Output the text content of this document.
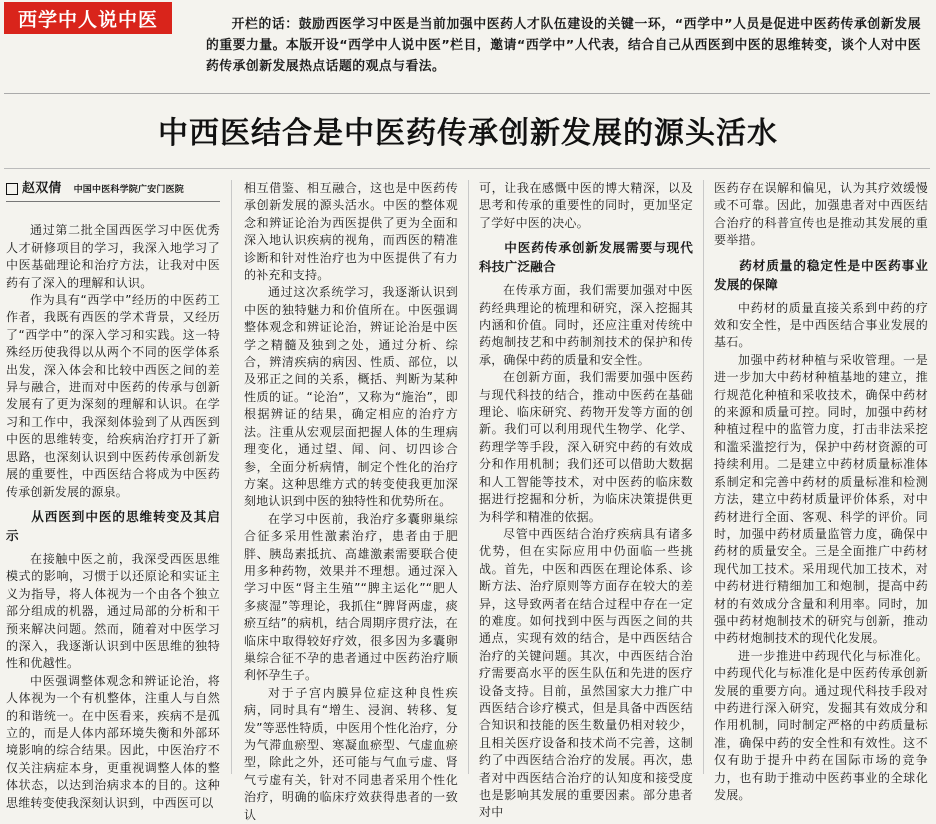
西学中人说中医	开栏的话：鼓励西医学习中医是当前加强中医药人才队伍建设的关键一环，“西学中”人员是促进中医药传承创新发展的重要力量。本版开设“西学中人说中医”栏目，邀请“西学中”人代表，结合自己从西医到中医的思维转变，谈个人对中医药传承创新发展热点话题的观点与看法。
中西医结合是中医药传承创新发展的源头活水
赵双倩 中国中医科学院广安门医院

通过第二批全国西医学习中医优秀人才研修项目的学习，我深入地学习了中医基础理论和治疗方法，让我对中医药有了深入的理解和认识。

作为具有“西学中”经历的中医药工作者，我既有西医的学术背景，又经历了“西学中”的深入学习和实践。这一特殊经历使我得以从两个不同的医学体系出发，深入体会和比较中西医之间的差异与融合，进而对中医药的传承与创新发展有了更为深刻的理解和认识。在学习和工作中，我深刻体验到了从西医到中医的思维转变，给疾病治疗打开了新思路，也深刻认识到中医药传承创新发展的重要性，中西医结合将成为中医药传承创新发展的源泉。

从西医到中医的思维转变及其启示

在接触中医之前，我深受西医思维模式的影响，习惯于以还原论和实证主义为指导，将人体视为一个由各个独立部分组成的机器，通过局部的分析和干预来解决问题。然而，随着对中医学习的深入，我逐渐认识到中医思维的独特性和优越性。

中医强调整体观念和辨证论治，将人体视为一个有机整体，注重人与自然的和谐统一。在中医看来，疾病不是孤立的，而是人体内部环境失衡和外部环境影响的综合结果。因此，中医治疗不仅关注病症本身，更重视调整人体的整体状态，以达到治病求本的目的。这种思维转变使我深刻认识到，中西医可以

相互借鉴、相互融合，这也是中医药传承创新发展的源头活水。中医的整体观念和辨证论治为西医提供了更为全面和深入地认识疾病的视角，而西医的精准诊断和针对性治疗也为中医提供了有力的补充和支持。

通过这次系统学习，我逐渐认识到中医的独特魅力和价值所在。中医强调整体观念和辨证论治，辨证论治是中医学之精髓及独到之处，通过分析、综合，辨清疾病的病因、性质、部位，以及邪正之间的关系，概括、判断为某种性质的证。“论治”，又称为“施治”，即根据辨证的结果，确定相应的治疗方法。注重从宏观层面把握人体的生理病理变化，通过望、闻、问、切四诊合参，全面分析病情，制定个性化的治疗方案。这种思维方式的转变使我更加深刻地认识到中医的独特性和优势所在。

在学习中医前，我治疗多囊卵巢综合征多采用性激素治疗，患者由于肥胖、胰岛素抵抗、高雄激素需要联合使用多种药物，效果并不理想。通过深入学习中医“肾主生殖”“脾主运化”“肥人多痰湿”等理论，我抓住“脾肾两虚，痰瘀互结”的病机，结合周期序贯疗法，在临床中取得较好疗效，很多因为多囊卵巢综合征不孕的患者通过中医药治疗顺利怀孕生子。

对于子宫内膜异位症这种良性疾病，同时具有“增生、浸润、转移、复发”等恶性特质，中医用个性化治疗，分为气滞血瘀型、寒凝血瘀型、气虚血瘀型，除此之外，还可能与气血亏虚、肾气亏虚有关，针对不同患者采用个性化治疗，明确的临床疗效获得患者的一致认

可，让我在感慨中医的博大精深，以及思考和传承的重要性的同时，更加坚定了学好中医的决心。

中医药传承创新发展需要与现代科技广泛融合

在传承方面，我们需要加强对中医药经典理论的梳理和研究，深入挖掘其内涵和价值。同时，还应注重对传统中药炮制技艺和中药制剂技术的保护和传承，确保中药的质量和安全性。

在创新方面，我们需要加强中医药与现代科技的结合，推动中医药在基础理论、临床研究、药物开发等方面的创新。我们可以利用现代生物学、化学、药理学等手段，深入研究中药的有效成分和作用机制；我们还可以借助大数据和人工智能等技术，对中医药的临床数据进行挖掘和分析，为临床决策提供更为科学和精准的依据。

尽管中西医结合治疗疾病具有诸多优势，但在实际应用中仍面临一些挑战。首先，中医和西医在理论体系、诊断方法、治疗原则等方面存在较大的差异，这导致两者在结合过程中存在一定的难度。如何找到中医与西医之间的共通点，实现有效的结合，是中西医结合治疗的关键问题。其次，中西医结合治疗需要高水平的医生队伍和先进的医疗设备支持。目前，虽然国家大力推广中西医结合诊疗模式，但是具备中西医结合知识和技能的医生数量仍相对较少，且相关医疗设备和技术尚不完善，这制约了中西医结合治疗的发展。再次，患者对中西医结合治疗的认知度和接受度也是影响其发展的重要因素。部分患者对中

医药存在误解和偏见，认为其疗效缓慢或不可靠。因此，加强患者对中西医结合治疗的科普宣传也是推动其发展的重要举措。

药材质量的稳定性是中医药事业发展的保障

中药材的质量直接关系到中药的疗效和安全性，是中西医结合事业发展的基石。

加强中药材种植与采收管理。一是进一步加大中药材种植基地的建立，推行规范化种植和采收技术，确保中药材的来源和质量可控。同时，加强中药材种植过程中的监管力度，打击非法采挖和滥采滥挖行为，保护中药材资源的可持续利用。二是建立中药材质量标准体系制定和完善中药材的质量标准和检测方法，建立中药材质量评价体系，对中药材进行全面、客观、科学的评价。同时，加强中药材质量监管力度，确保中药材的质量安全。三是全面推广中药材现代加工技术。采用现代加工技术，对中药材进行精细加工和炮制，提高中药材的有效成分含量和利用率。同时，加强中药材炮制技术的研究与创新，推动中药材炮制技术的现代化发展。

进一步推进中药现代化与标准化。中药现代化与标准化是中医药传承创新发展的重要方向。通过现代科技手段对中药进行深入研究，发掘其有效成分和作用机制，同时制定严格的中药质量标准，确保中药的安全性和有效性。这不仅有助于提升中药在国际市场的竞争力，也有助于推动中医药事业的全球化发展。
